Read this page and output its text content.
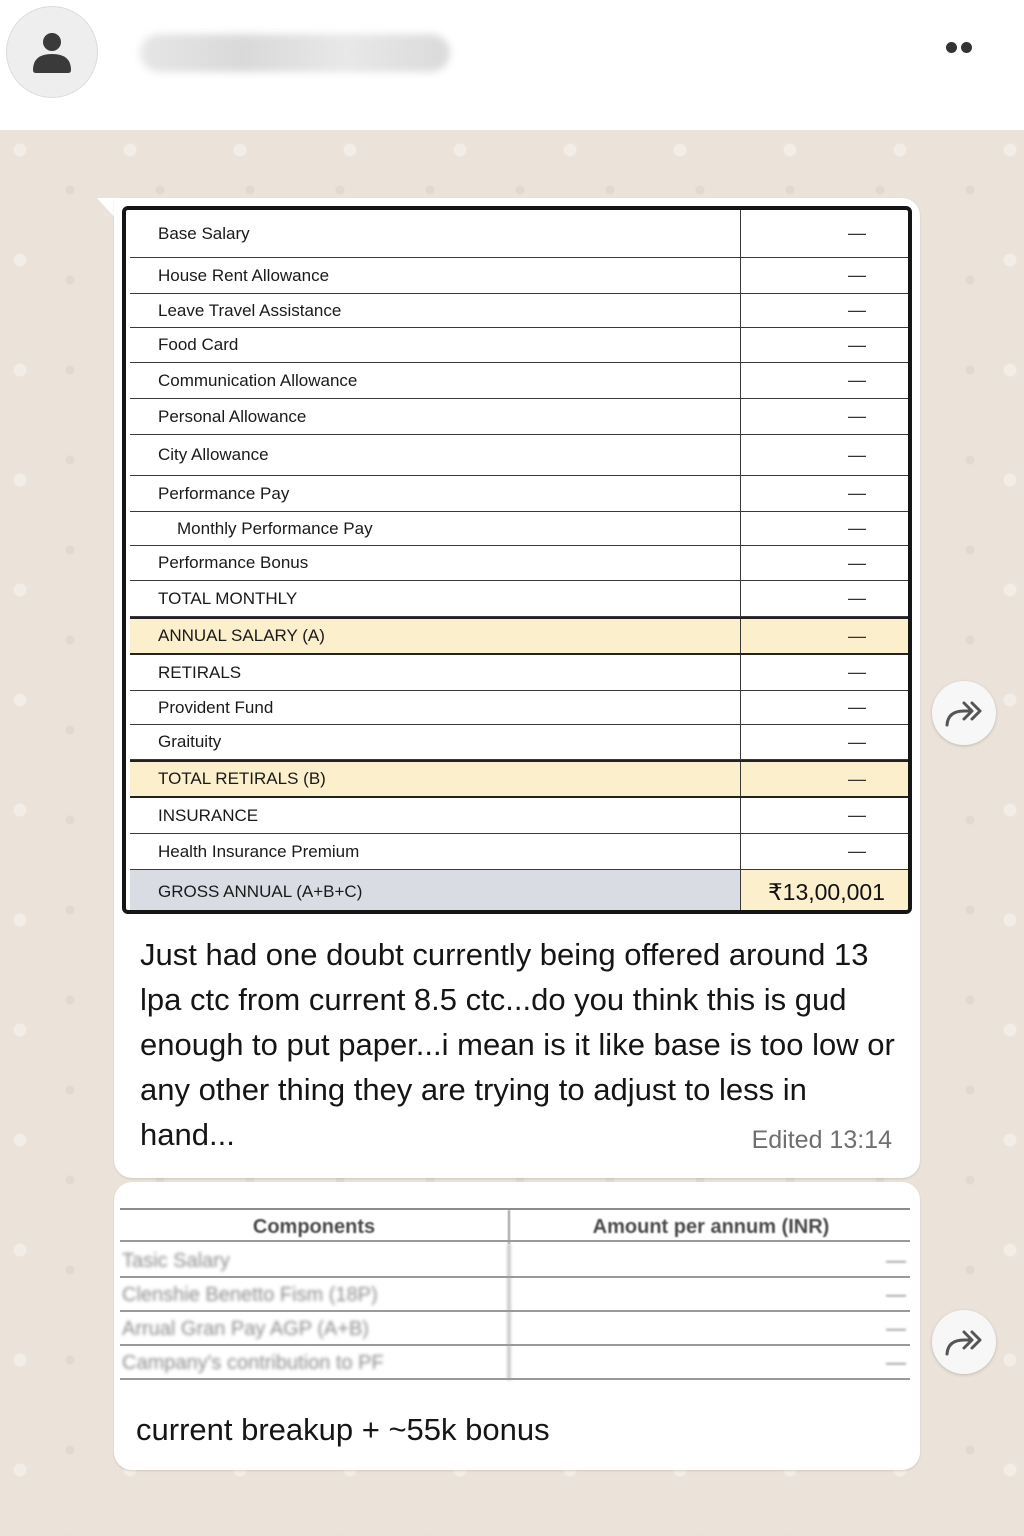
Base Salary	—
House Rent Allowance	—
Leave Travel Assistance	—
Food Card	—
Communication Allowance	—
Personal Allowance	—
City Allowance	—
Performance Pay	—
Monthly Performance Pay	—
Performance Bonus	—
TOTAL MONTHLY	—
ANNUAL SALARY (A)	—
RETIRALS	—
Provident Fund	—
Graituity	—
TOTAL RETIRALS (B)	—
INSURANCE	—
Health Insurance Premium	—
GROSS ANNUAL (A+B+C)	₹13,00,001
Just had one doubt currently being offered around 13 lpa ctc from current 8.5 ctc...do you think this is gud enough to put paper...i mean is it like base is too low or any other thing they are trying to adjust to less in hand...	Edited 13:14
Components	Amount per annum (INR)
Tasic Salary	—
Clenshie Benetto Fism (18P)	—
Arrual Gran Pay AGP (A+B)	—
Campany's contribution to PF	—
current breakup + ~55k bonus
